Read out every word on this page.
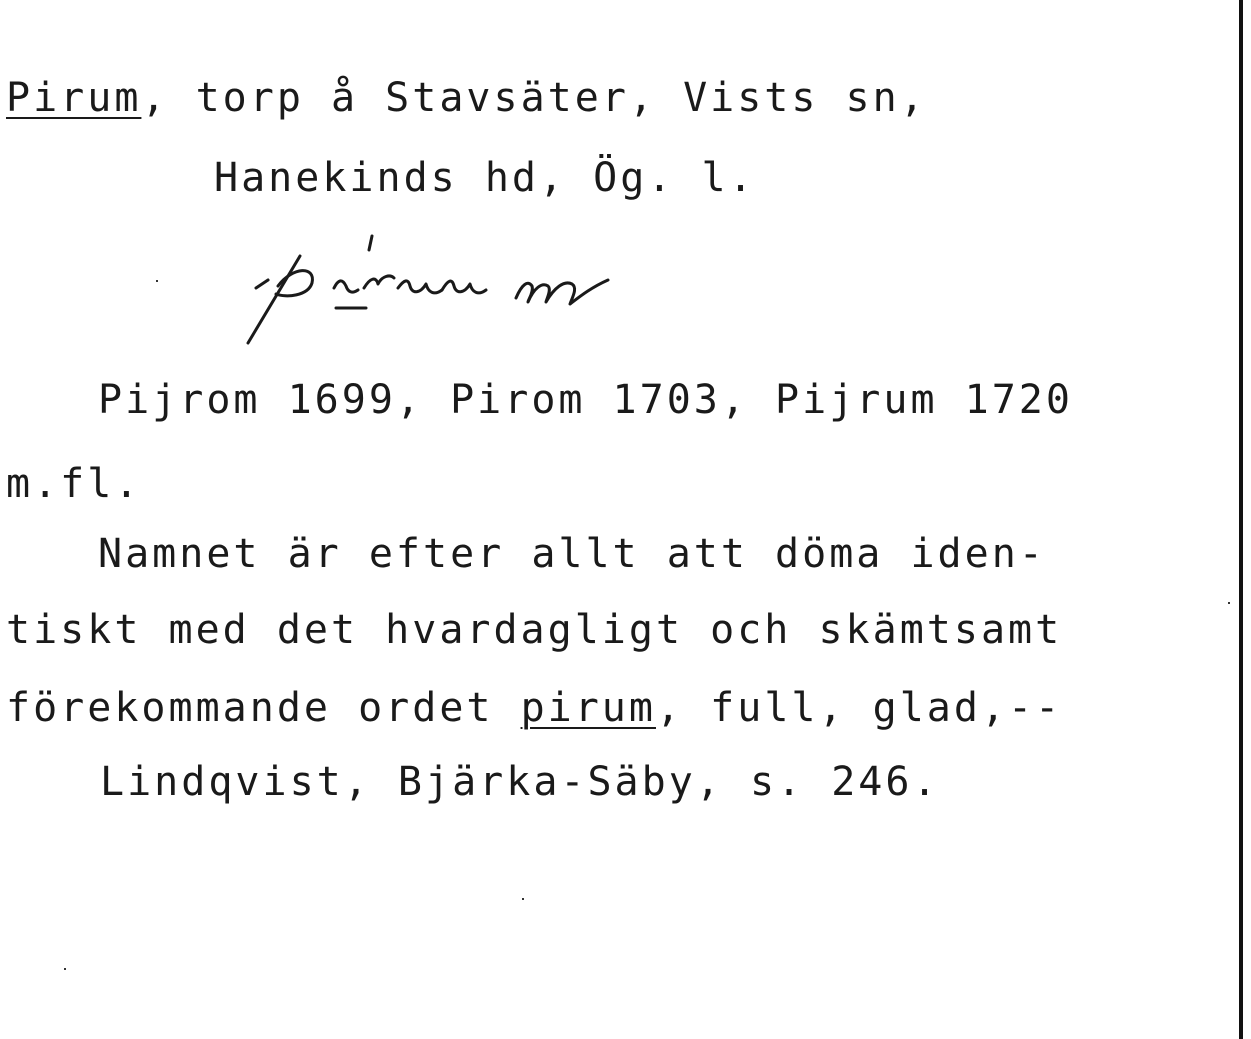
Pirum, torp å Stavsäter, Vists sn,
Hanekinds hd, Ög. l.
Pijrom 1699, Pirom 1703, Pijrum 1720
m.fl.
Namnet är efter allt att döma iden-
tiskt med det hvardagligt och skämtsamt
förekommande ordet pirum, full, glad,--
Lindqvist, Bjärka-Säby, s. 246.
